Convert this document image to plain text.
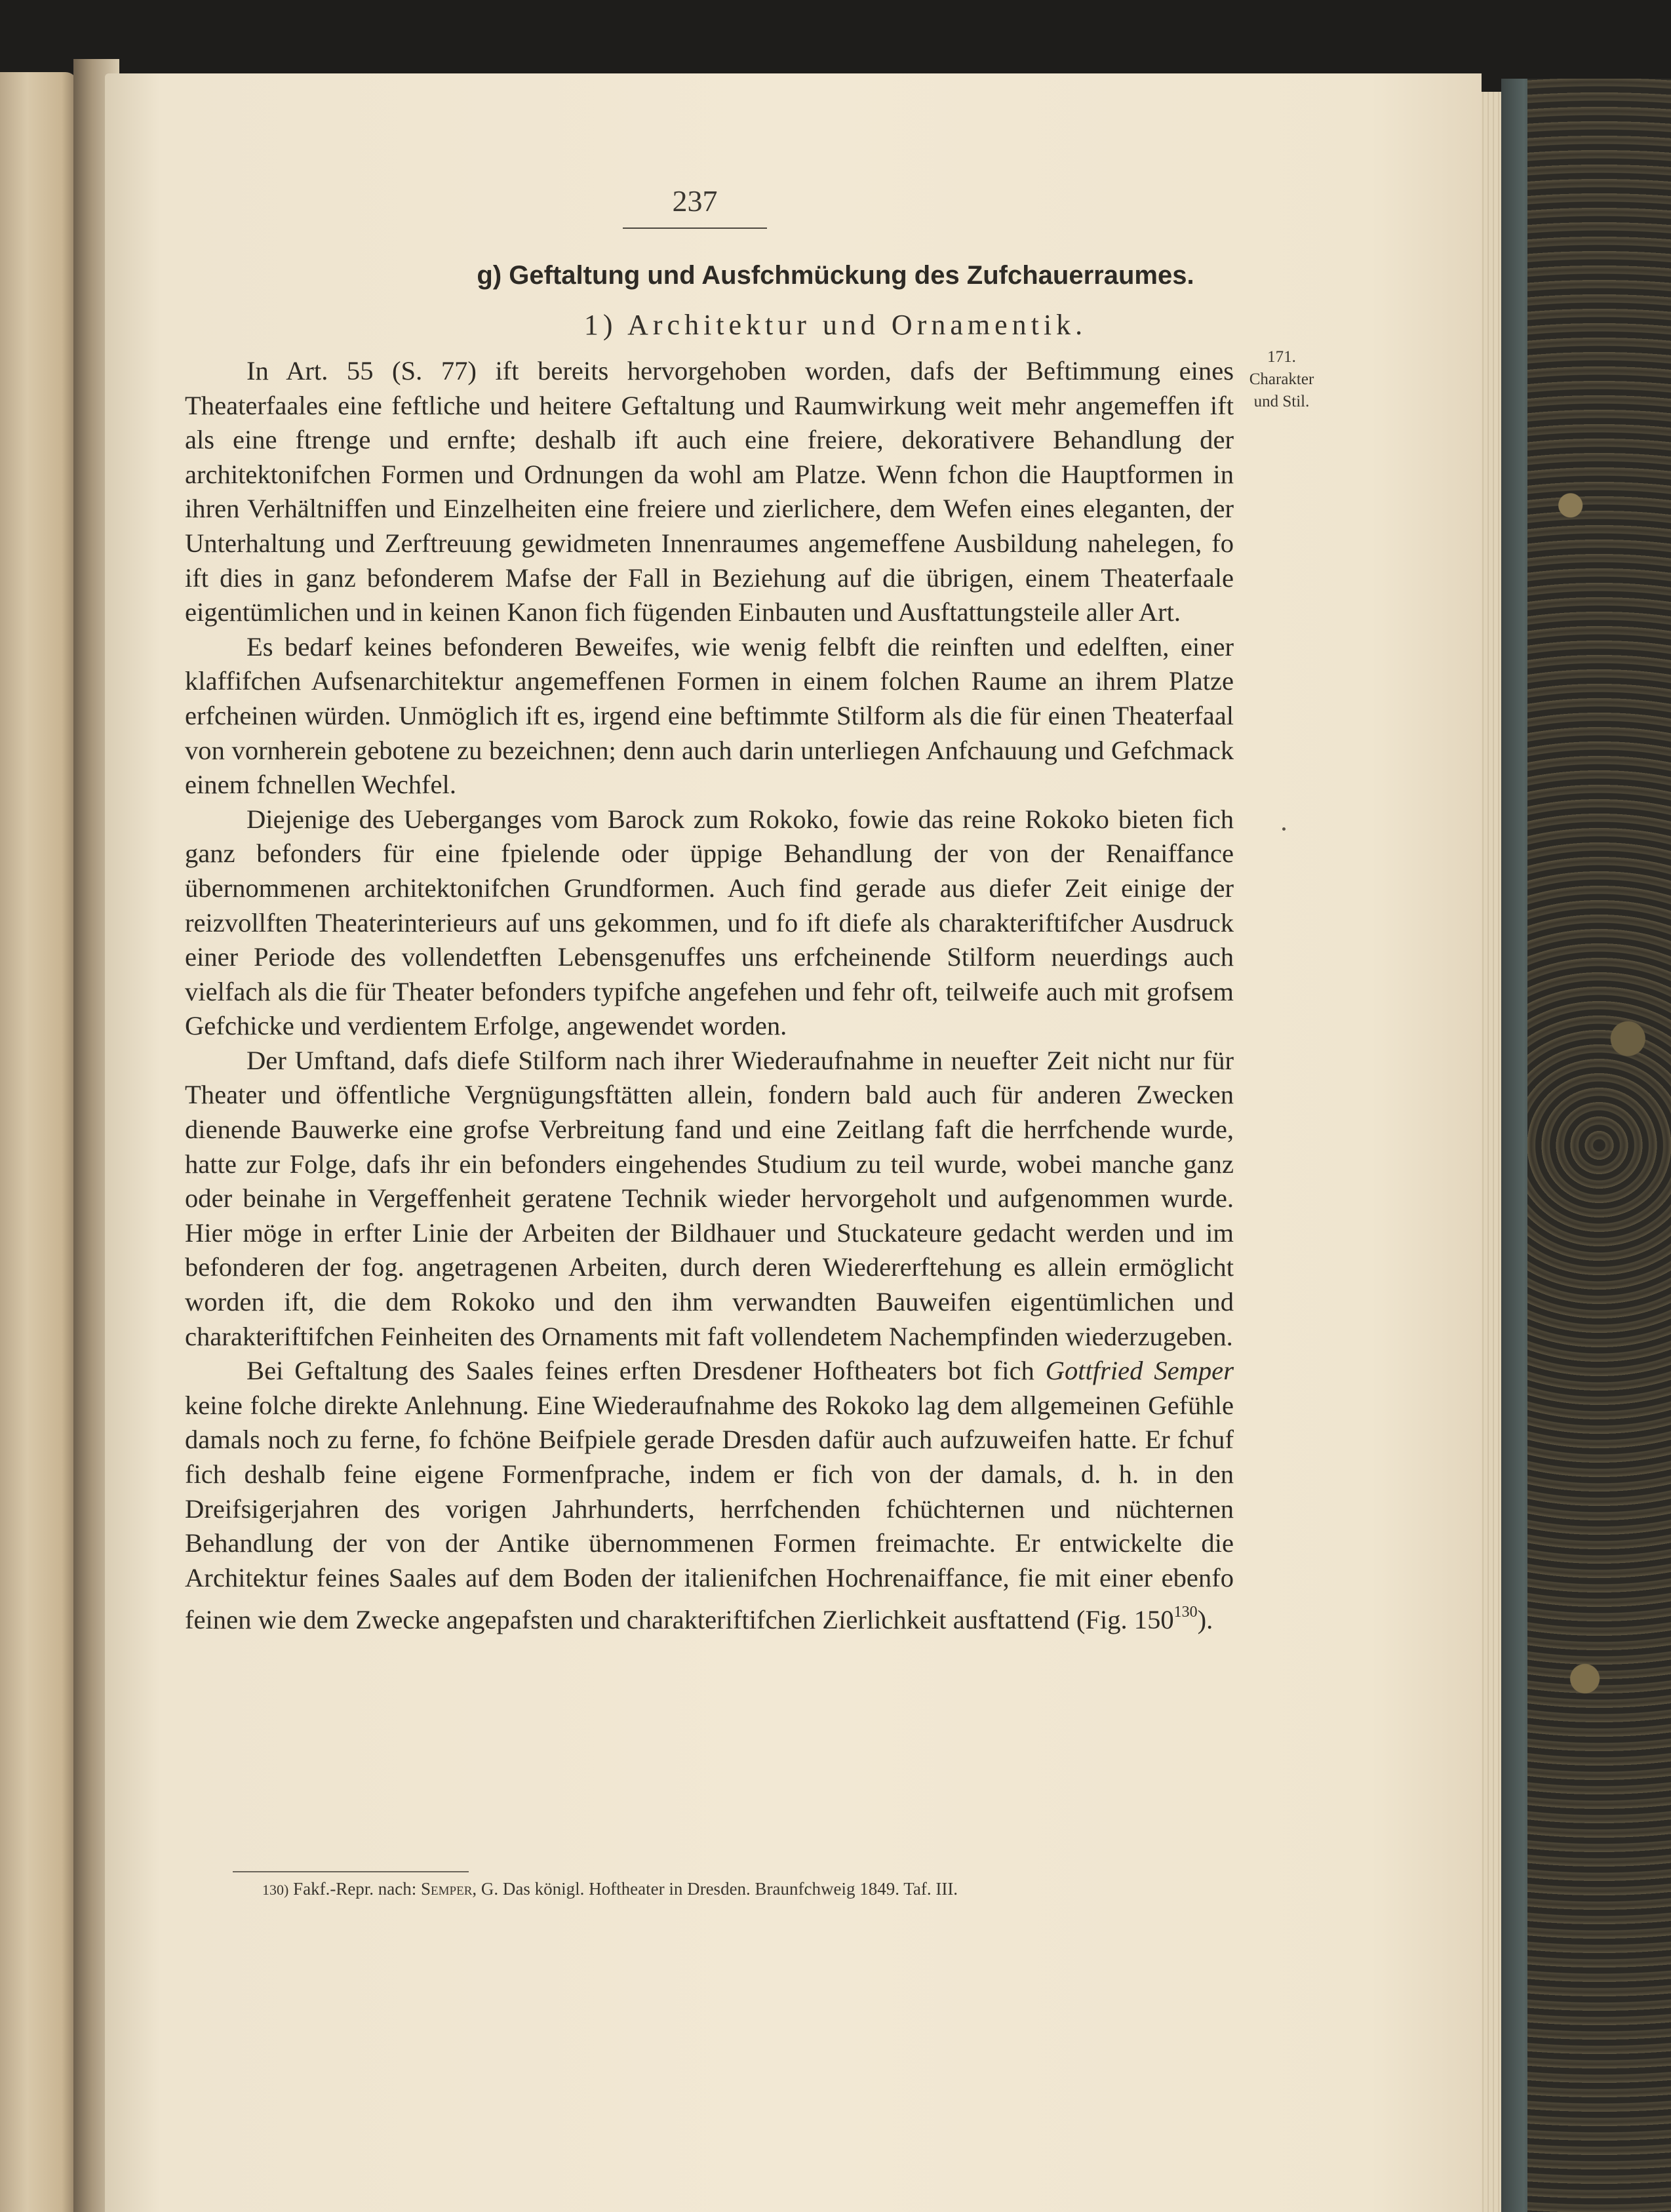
237
g) Geftaltung und Ausfchmückung des Zufchauerraumes.
1) Architektur und Ornamentik.
171.
Charakter
und Stil.

In Art. 55 (S. 77) ift bereits hervorgehoben worden, dafs der Beftimmung eines Theaterfaales eine feftliche und heitere Geftaltung und Raumwirkung weit mehr angemeffen ift als eine ftrenge und ernfte; deshalb ift auch eine freiere, dekorativere Behandlung der architektonifchen Formen und Ordnungen da wohl am Platze. Wenn fchon die Hauptformen in ihren Verhältniffen und Einzelheiten eine freiere und zierlichere, dem Wefen eines eleganten, der Unterhaltung und Zerftreuung gewidmeten Innenraumes angemeffene Ausbildung nahelegen, fo ift dies in ganz befonderem Mafse der Fall in Beziehung auf die übrigen, einem Theaterfaale eigentümlichen und in keinen Kanon fich fügenden Einbauten und Ausftattungsteile aller Art.

Es bedarf keines befonderen Beweifes, wie wenig felbft die reinften und edelften, einer klaffifchen Aufsenarchitektur angemeffenen Formen in einem folchen Raume an ihrem Platze erfcheinen würden. Unmöglich ift es, irgend eine beftimmte Stilform als die für einen Theaterfaal von vornherein gebotene zu bezeichnen; denn auch darin unterliegen Anfchauung und Gefchmack einem fchnellen Wechfel.

Diejenige des Ueberganges vom Barock zum Rokoko, fowie das reine Rokoko bieten fich ganz befonders für eine fpielende oder üppige Behandlung der von der Renaiffance übernommenen architektonifchen Grundformen. Auch find gerade aus diefer Zeit einige der reizvollften Theaterinterieurs auf uns gekommen, und fo ift diefe als charakteriftifcher Ausdruck einer Periode des vollendetften Lebensgenuffes uns erfcheinende Stilform neuerdings auch vielfach als die für Theater befonders typifche angefehen und fehr oft, teilweife auch mit grofsem Gefchicke und verdientem Erfolge, angewendet worden.

Der Umftand, dafs diefe Stilform nach ihrer Wiederaufnahme in neuefter Zeit nicht nur für Theater und öffentliche Vergnügungsftätten allein, fondern bald auch für anderen Zwecken dienende Bauwerke eine grofse Verbreitung fand und eine Zeitlang faft die herrfchende wurde, hatte zur Folge, dafs ihr ein befonders eingehendes Studium zu teil wurde, wobei manche ganz oder beinahe in Vergeffenheit geratene Technik wieder hervorgeholt und aufgenommen wurde. Hier möge in erfter Linie der Arbeiten der Bildhauer und Stuckateure gedacht werden und im befonderen der fog. angetragenen Arbeiten, durch deren Wiedererftehung es allein ermöglicht worden ift, die dem Rokoko und den ihm verwandten Bauweifen eigentümlichen und charakteriftifchen Feinheiten des Ornaments mit faft vollendetem Nachempfinden wiederzugeben.

Bei Geftaltung des Saales feines erften Dresdener Hoftheaters bot fich Gottfried Semper keine folche direkte Anlehnung. Eine Wiederaufnahme des Rokoko lag dem allgemeinen Gefühle damals noch zu ferne, fo fchöne Beifpiele gerade Dresden dafür auch aufzuweifen hatte. Er fchuf fich deshalb feine eigene Formenfprache, indem er fich von der damals, d. h. in den Dreifsigerjahren des vorigen Jahrhunderts, herrfchenden fchüchternen und nüchternen Behandlung der von der Antike übernommenen Formen freimachte. Er entwickelte die Architektur feines Saales auf dem Boden der italienifchen Hochrenaiffance, fie mit einer ebenfo feinen wie dem Zwecke angepafsten und charakteriftifchen Zierlichkeit ausftattend (Fig. 150$^{130}$).

130) Fakf.-Repr. nach: Semper, G. Das königl. Hoftheater in Dresden. Braunfchweig 1849. Taf. III.
